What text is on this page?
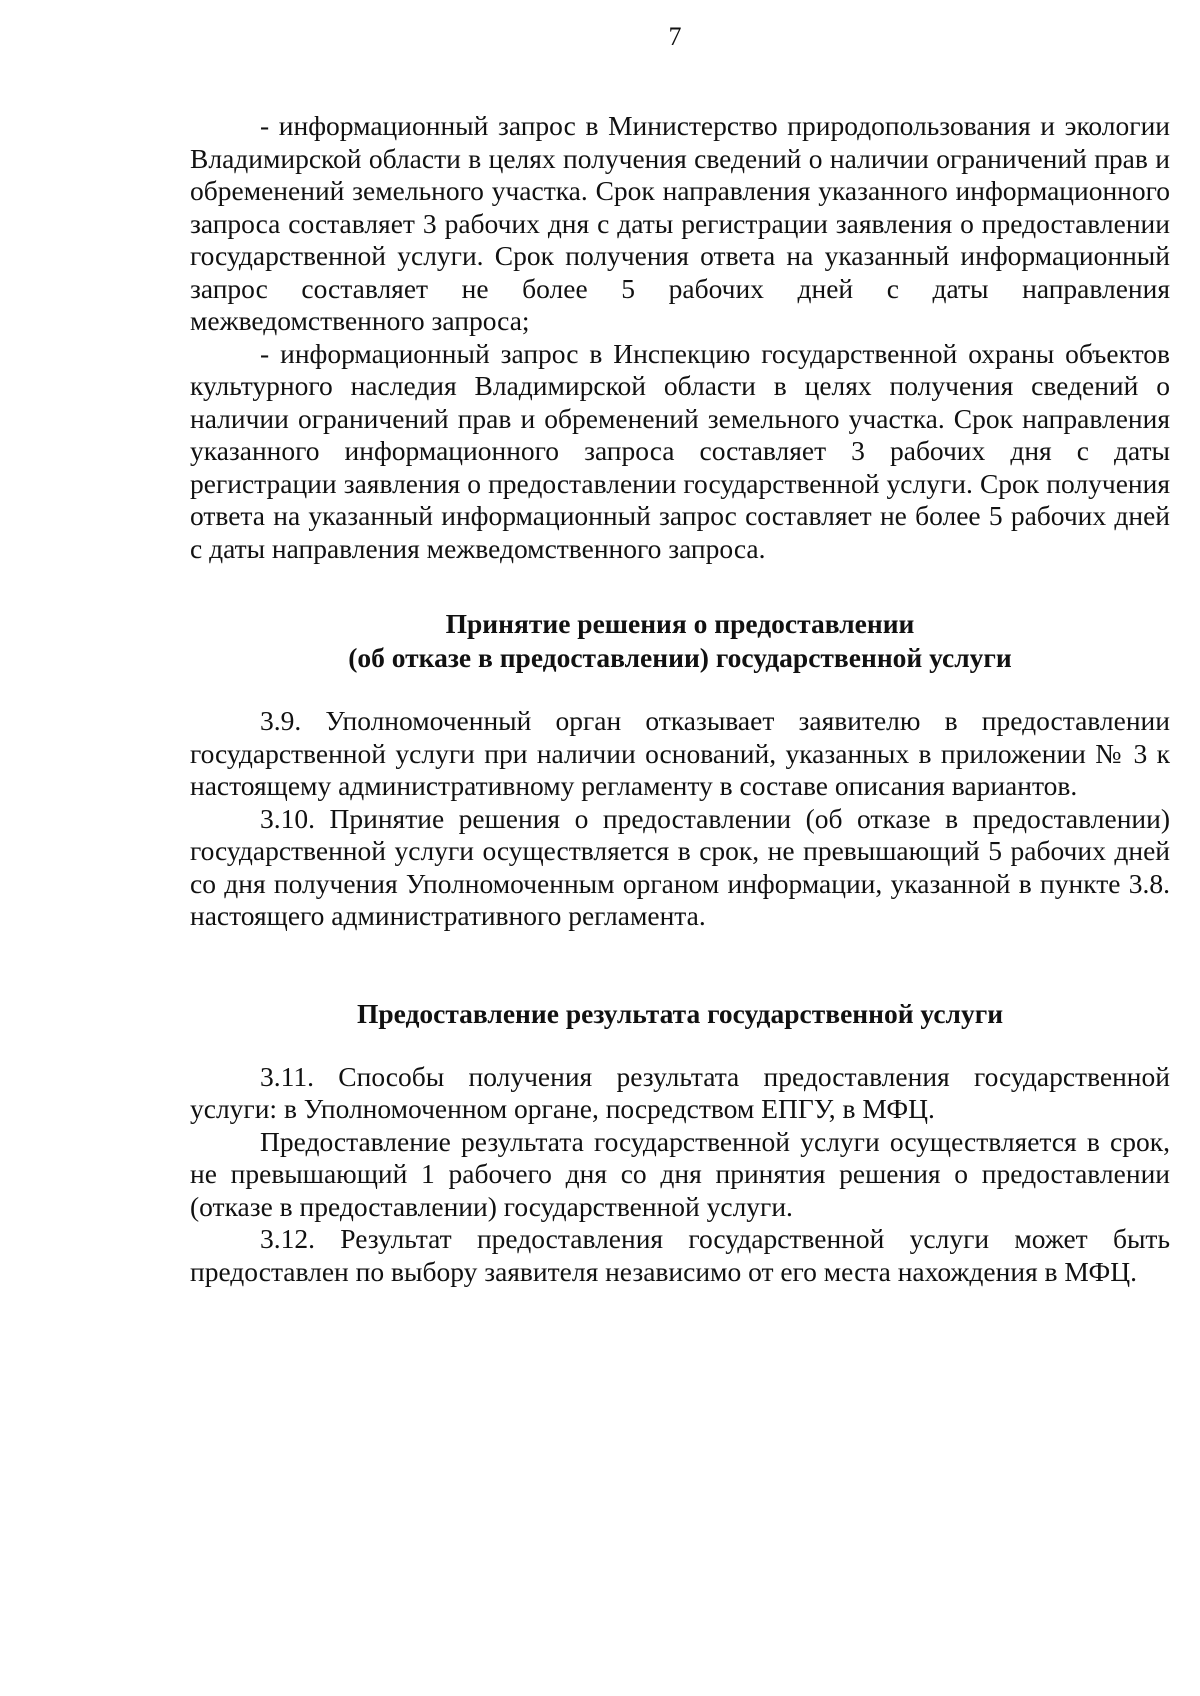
7

- информационный запрос в Министерство природопользования и экологии Владимирской области в целях получения сведений о наличии ограничений прав и обременений земельного участка. Срок направления указанного информационного запроса составляет 3 рабочих дня с даты регистрации заявления о предоставлении государственной услуги. Срок получения ответа на указанный информационный запрос составляет не более 5 рабочих дней с даты направления межведомственного запроса;

- информационный запрос в Инспекцию государственной охраны объектов культурного наследия Владимирской области в целях получения сведений о наличии ограничений прав и обременений земельного участка. Срок направления указанного информационного запроса составляет 3 рабочих дня с даты регистрации заявления о предоставлении государственной услуги. Срок получения ответа на указанный информационный запрос составляет не более 5 рабочих дней с даты направления межведомственного запроса.

Принятие решения о предоставлении
(об отказе в предоставлении) государственной услуги

3.9. Уполномоченный орган отказывает заявителю в предоставлении государственной услуги при наличии оснований, указанных в приложении № 3 к настоящему административному регламенту в составе описания вариантов.

3.10. Принятие решения о предоставлении (об отказе в предоставлении) государственной услуги осуществляется в срок, не превышающий 5 рабочих дней со дня получения Уполномоченным органом информации, указанной в пункте 3.8. настоящего административного регламента.

Предоставление результата государственной услуги

3.11. Способы получения результата предоставления государственной услуги: в Уполномоченном органе, посредством ЕПГУ, в МФЦ.

Предоставление результата государственной услуги осуществляется в срок, не превышающий 1 рабочего дня со дня принятия решения о предоставлении (отказе в предоставлении) государственной услуги.

3.12. Результат предоставления государственной услуги может быть предоставлен по выбору заявителя независимо от его места нахождения в МФЦ.
